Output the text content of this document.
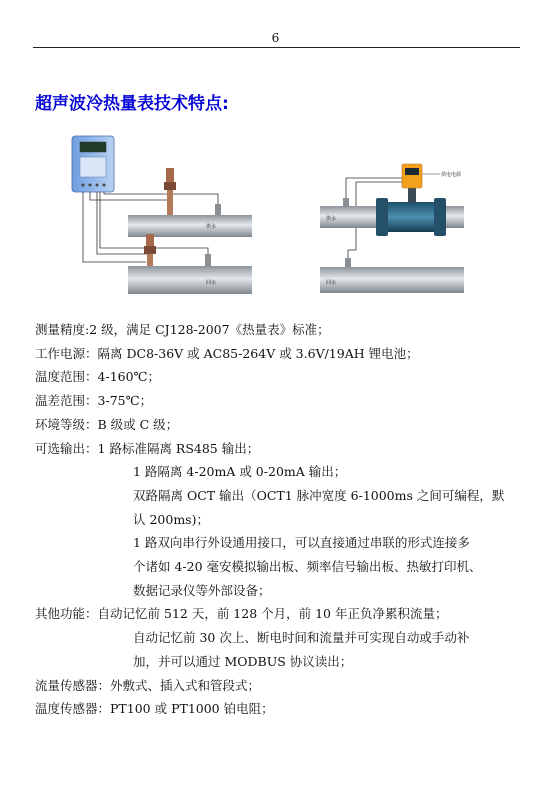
6
超声波冷热量表技术特点:
供水
回水
供电电源
供水
回水
测量精度: 2 级，满足 CJ128-2007《热量表》标准；
工作电源： 隔离 DC8-36V 或 AC85-264V 或 3.6V/19AH 锂电池；
温度范围： 4-160℃；
温差范围： 3-75℃；
环境等级： B 级或 C 级；
可选输出： 1 路标准隔离 RS485 输出；
1 路隔离 4-20mA 或 0-20mA 输出；
双路隔离 OCT 输出（OCT1 脉冲宽度 6-1000ms 之间可编程，默
认 200ms)；
1 路双向串行外设通用接口，可以直接通过串联的形式连接多
个诸如 4-20 毫安模拟输出板、频率信号输出板、热敏打印机、
数据记录仪等外部设备；
其他功能： 自动记忆前 512 天，前 128 个月，前 10 年正负净累积流量；
自动记忆前 30 次上、断电时间和流量并可实现自动或手动补
加，并可以通过 MODBUS 协议读出；
流量传感器： 外敷式、插入式和管段式；
温度传感器： PT100 或 PT1000 铂电阻；
